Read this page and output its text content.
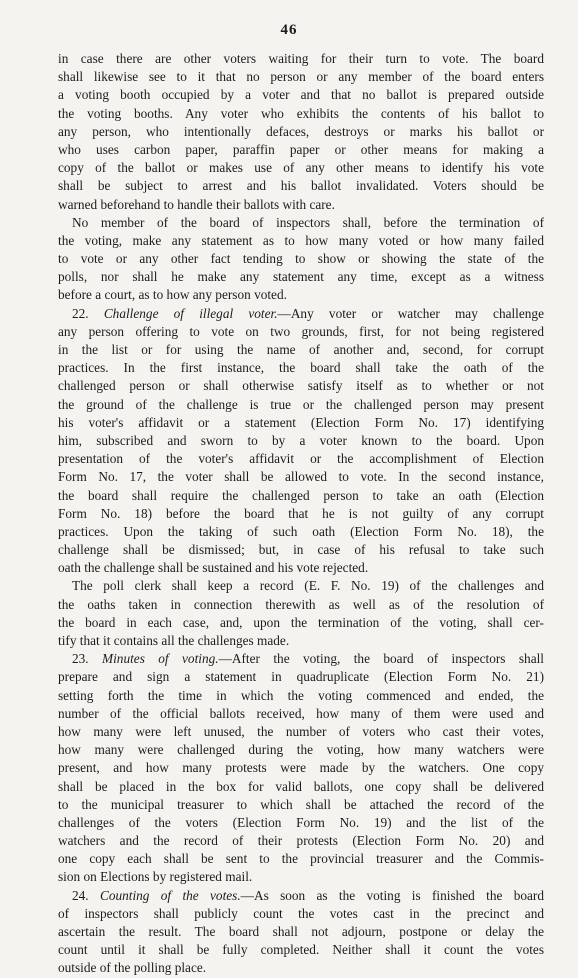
46
in case there are other voters waiting for their turn to vote. The board
shall likewise see to it that no person or any member of the board enters
a voting booth occupied by a voter and that no ballot is prepared outside
the voting booths. Any voter who exhibits the contents of his ballot to
any person, who intentionally defaces, destroys or marks his ballot or
who uses carbon paper, paraffin paper or other means for making a
copy of the ballot or makes use of any other means to identify his vote
shall be subject to arrest and his ballot invalidated. Voters should be
warned beforehand to handle their ballots with care.
No member of the board of inspectors shall, before the termination of
the voting, make any statement as to how many voted or how many failed
to vote or any other fact tending to show or showing the state of the
polls, nor shall he make any statement any time, except as a witness
before a court, as to how any person voted.
22. Challenge of illegal voter.—Any voter or watcher may challenge
any person offering to vote on two grounds, first, for not being registered
in the list or for using the name of another and, second, for corrupt
practices. In the first instance, the board shall take the oath of the
challenged person or shall otherwise satisfy itself as to whether or not
the ground of the challenge is true or the challenged person may present
his voter's affidavit or a statement (Election Form No. 17) identifying
him, subscribed and sworn to by a voter known to the board. Upon
presentation of the voter's affidavit or the accomplishment of Election
Form No. 17, the voter shall be allowed to vote. In the second instance,
the board shall require the challenged person to take an oath (Election
Form No. 18) before the board that he is not guilty of any corrupt
practices. Upon the taking of such oath (Election Form No. 18), the
challenge shall be dismissed; but, in case of his refusal to take such
oath the challenge shall be sustained and his vote rejected.
The poll clerk shall keep a record (E. F. No. 19) of the challenges and
the oaths taken in connection therewith as well as of the resolution of
the board in each case, and, upon the termination of the voting, shall cer-
tify that it contains all the challenges made.
23. Minutes of voting.—After the voting, the board of inspectors shall
prepare and sign a statement in quadruplicate (Election Form No. 21)
setting forth the time in which the voting commenced and ended, the
number of the official ballots received, how many of them were used and
how many were left unused, the number of voters who cast their votes,
how many were challenged during the voting, how many watchers were
present, and how many protests were made by the watchers. One copy
shall be placed in the box for valid ballots, one copy shall be delivered
to the municipal treasurer to which shall be attached the record of the
challenges of the voters (Election Form No. 19) and the list of the
watchers and the record of their protests (Election Form No. 20) and
one copy each shall be sent to the provincial treasurer and the Commis-
sion on Elections by registered mail.
24. Counting of the votes.—As soon as the voting is finished the board
of inspectors shall publicly count the votes cast in the precinct and
ascertain the result. The board shall not adjourn, postpone or delay the
count until it shall be fully completed. Neither shall it count the votes
outside of the polling place.
